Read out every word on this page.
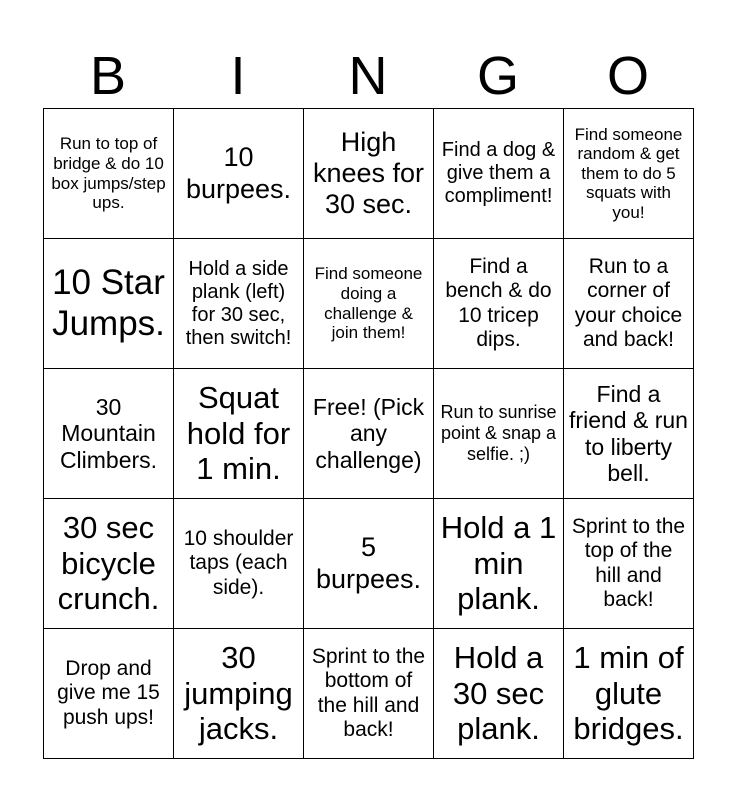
B	I	N	G	O
Run to top of bridge & do 10 box jumps/step ups.	10 burpees.	High knees for 30 sec.	Find a dog & give them a compliment!	Find someone random & get them to do 5 squats with you!
10 Star Jumps.	Hold a side plank (left) for 30 sec, then switch!	Find someone doing a challenge & join them!	Find a bench & do 10 tricep dips.	Run to a corner of your choice and back!
30 Mountain Climbers.	Squat hold for 1 min.	Free! (Pick any challenge)	Run to sunrise point & snap a selfie. ;)	Find a friend & run to liberty bell.
30 sec bicycle crunch.	10 shoulder taps (each side).	5 burpees.	Hold a 1 min plank.	Sprint to the top of the hill and back!
Drop and give me 15 push ups!	30 jumping jacks.	Sprint to the bottom of the hill and back!	Hold a 30 sec plank.	1 min of glute bridges.
